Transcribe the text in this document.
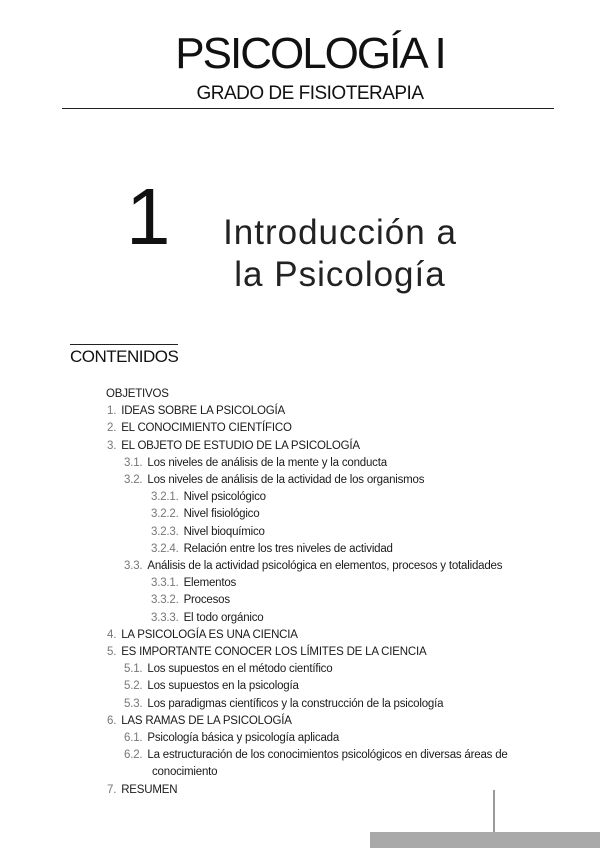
PSICOLOGÍA I
GRADO DE FISIOTERAPIA
1	Introducción a
la Psicología
CONTENIDOS
OBJETIVOS
1. IDEAS SOBRE LA PSICOLOGÍA
2. EL CONOCIMIENTO CIENTÍFICO
3. EL OBJETO DE ESTUDIO DE LA PSICOLOGÍA
3.1. Los niveles de análisis de la mente y la conducta
3.2. Los niveles de análisis de la actividad de los organismos
3.2.1. Nivel psicológico
3.2.2. Nivel fisiológico
3.2.3. Nivel bioquímico
3.2.4. Relación entre los tres niveles de actividad
3.3. Análisis de la actividad psicológica en elementos, procesos y totalidades
3.3.1. Elementos
3.3.2. Procesos
3.3.3. El todo orgánico
4. LA PSICOLOGÍA ES UNA CIENCIA
5. ES IMPORTANTE CONOCER LOS LÍMITES DE LA CIENCIA
5.1. Los supuestos en el método científico
5.2. Los supuestos en la psicología
5.3. Los paradigmas científicos y la construcción de la psicología
6. LAS RAMAS DE LA PSICOLOGÍA
6.1. Psicología básica y psicología aplicada
6.2. La estructuración de los conocimientos psicológicos en diversas áreas de conocimiento
7. RESUMEN
